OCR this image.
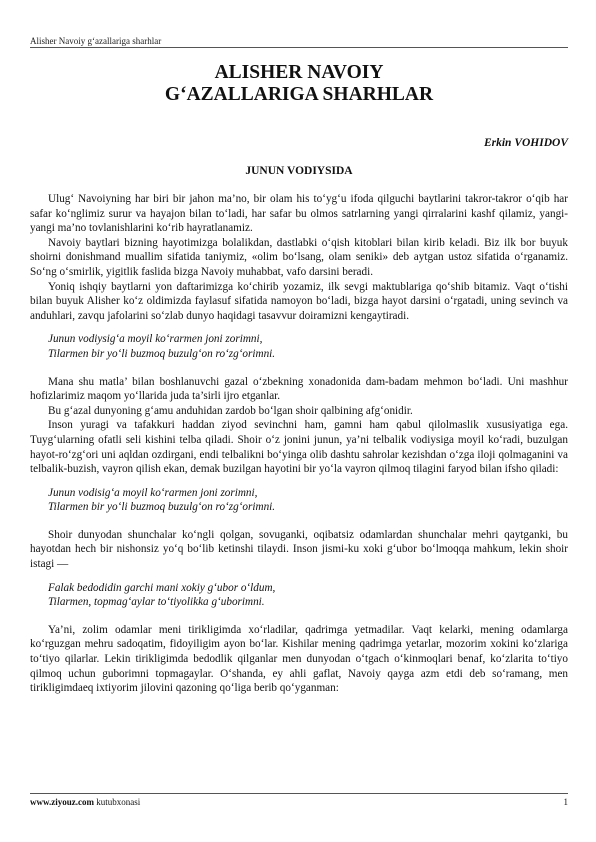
Alisher Navoiy g‘azallariga sharhlar
ALISHER NAVOIY
G‘AZALLARIGA SHARHLAR
Erkin VOHIDOV
JUNUN VODIYSIDA

Ulug‘ Navoiyning har biri bir jahon ma’no, bir olam his to‘yg‘u ifoda qilguchi baytlarini takror-takror o‘qib har safar ko‘nglimiz surur va hayajon bilan to‘ladi, har safar bu olmos satrlarning yangi qirralarini kashf qilamiz, yangi-yangi ma’no tovlanishlarini ko‘rib hayratlanamiz.

Navoiy baytlari bizning hayotimizga bolalikdan, dastlabki o‘qish kitoblari bilan kirib keladi. Biz ilk bor buyuk shoirni donishmand muallim sifatida taniymiz, «olim bo‘lsang, olam seniki» deb aytgan ustoz sifatida o‘rganamiz. So‘ng o‘smirlik, yigitlik faslida bizga Navoiy muhabbat, vafo darsini beradi.

Yoniq ishqiy baytlarni yon daftarimizga ko‘chirib yozamiz, ilk sevgi maktublariga qo‘shib bitamiz. Vaqt o‘tishi bilan buyuk Alisher ko‘z oldimizda faylasuf sifatida namoyon bo‘ladi, bizga hayot darsini o‘rgatadi, uning sevinch va anduhlari, zavqu jafolarini so‘zlab dunyo haqidagi tasavvur doiramizni kengaytiradi.

Junun vodiysig‘a moyil ko‘rarmen joni zorimni,
Tilarmen bir yo‘li buzmoq buzulg‘on ro‘zg‘orimni.

Mana shu matla’ bilan boshlanuvchi gazal o‘zbekning xonadonida dam-badam mehmon bo‘ladi. Uni mashhur hofizlarimiz maqom yo‘llarida juda ta’sirli ijro etganlar.

Bu g‘azal dunyoning g‘amu anduhidan zardob bo‘lgan shoir qalbining afg‘onidir.

Inson yuragi va tafakkuri haddan ziyod sevinchni ham, gamni ham qabul qilolmaslik xususiyatiga ega. Tuyg‘ularning ofatli seli kishini telba qiladi. Shoir o‘z jonini junun, ya’ni telbalik vodiysiga moyil ko‘radi, buzulgan hayot-ro‘zg‘ori uni aqldan ozdirgani, endi telbalikni bo‘yinga olib dashtu sahrolar kezishdan o‘zga iloji qolmaganini va telbalik-buzish, vayron qilish ekan, demak buzilgan hayotini bir yo‘la vayron qilmoq tilagini faryod bilan ifsho qiladi:

Junun vodisig‘a moyil ko‘rarmen joni zorimni,
Tilarmen bir yo‘li buzmoq buzulg‘on ro‘zg‘orimni.

Shoir dunyodan shunchalar ko‘ngli qolgan, sovuganki, oqibatsiz odamlardan shunchalar mehri qaytganki, bu hayotdan hech bir nishonsiz yo‘q bo‘lib ketinshi tilaydi. Inson jismi-ku xoki g‘ubor bo‘lmoqqa mahkum, lekin shoir istagi —

Falak bedodidin garchi mani xokiy g‘ubor o‘ldum,
Tilarmen, topmag‘aylar to‘tiyolikka g‘uborimni.

Ya’ni, zolim odamlar meni tirikligimda xo‘rladilar, qadrimga yetmadilar. Vaqt kelarki, mening odamlarga ko‘rguzgan mehru sadoqatim, fidoyiligim ayon bo‘lar. Kishilar mening qadrimga yetarlar, mozorim xokini ko‘zlariga to‘tiyo qilarlar. Lekin tirikligimda bedodlik qilganlar men dunyodan o‘tgach o‘kinmoqlari benaf, ko‘zlarita to‘tiyo qilmoq uchun guborimni topmagaylar. O‘shanda, ey ahli gaflat, Navoiy qayga azm etdi deb so‘ramang, men tirikligimdaeq ixtiyorim jilovini qazoning qo‘liga berib qo‘yganman:

www.ziyouz.com kutubxonasi	1
